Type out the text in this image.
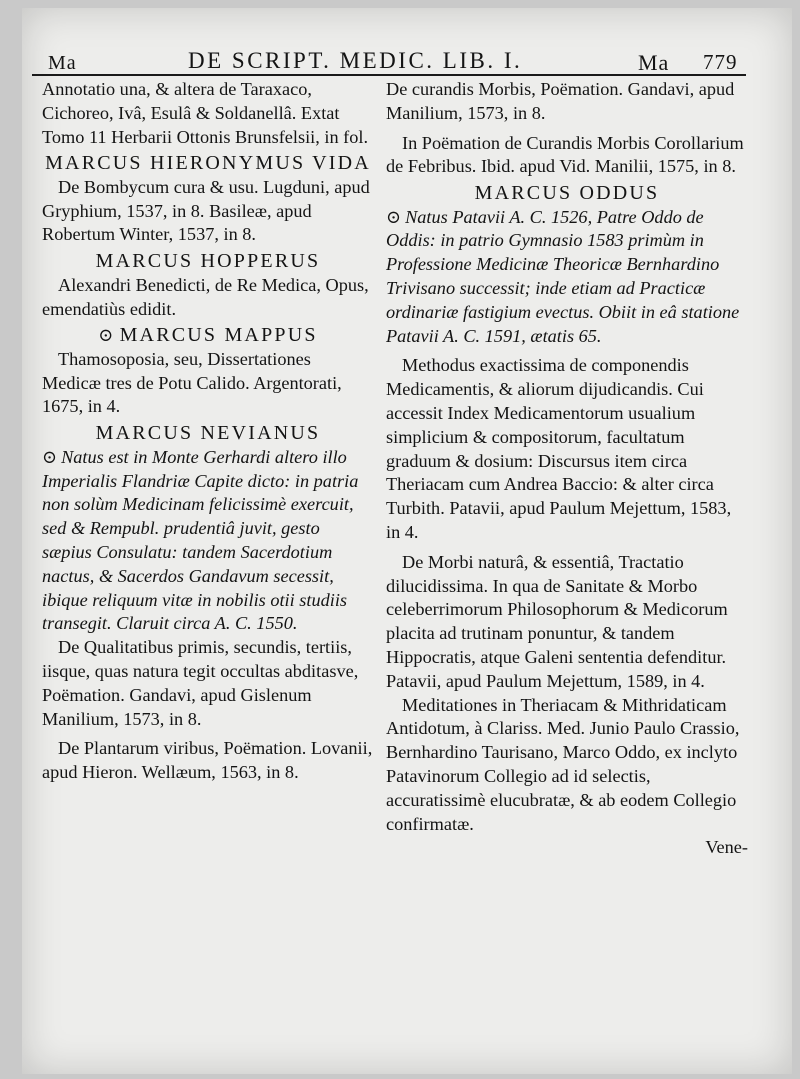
Ma	DE SCRIPT. MEDIC. LIB. I.	Ma 779

Annotatio una, & altera de Taraxaco, Cichoreo, Ivâ, Esulâ & Soldanellâ. Extat Tomo 11 Herbarii Ottonis Brunsfelsii, in fol.

MARCUS HIERONYMUS VIDA

De Bombycum cura & usu. Lugduni, apud Gryphium, 1537, in 8. Basileæ, apud Robertum Winter, 1537, in 8.

MARCUS HOPPERUS

Alexandri Benedicti, de Re Medica, Opus, emendatiùs edidit.

⊙ MARCUS MAPPUS

Thamosoposia, seu, Dissertationes Medicæ tres de Potu Calido. Argentorati, 1675, in 4.

MARCUS NEVIANUS

⊙ Natus est in Monte Gerhardi altero illo Imperialis Flandriæ Capite dicto: in patria non solùm Medicinam felicissimè exercuit, sed & Rempubl. prudentiâ juvit, gesto sæpius Consulatu: tandem Sacerdotium nactus, & Sacerdos Gandavum secessit, ibique reliquum vitæ in nobilis otii studiis transegit. Claruit circa A. C. 1550.

De Qualitatibus primis, secundis, tertiis, iisque, quas natura tegit occultas abditasve, Poëmation. Gandavi, apud Gislenum Manilium, 1573, in 8.

De Plantarum viribus, Poëmation. Lovanii, apud Hieron. Wellæum, 1563, in 8.

De curandis Morbis, Poëmation. Gandavi, apud Manilium, 1573, in 8.

In Poëmation de Curandis Morbis Corollarium de Febribus. Ibid. apud Vid. Manilii, 1575, in 8.

MARCUS ODDUS

⊙ Natus Patavii A. C. 1526, Patre Oddo de Oddis: in patrio Gymnasio 1583 primùm in Professione Medicinæ Theoricæ Bernhardino Trivisano successit; inde etiam ad Practicæ ordinariæ fastigium evectus. Obiit in eâ statione Patavii A. C. 1591, ætatis 65.

Methodus exactissima de componendis Medicamentis, & aliorum dijudicandis. Cui accessit Index Medicamentorum usualium simplicium & compositorum, facultatum graduum & dosium: Discursus item circa Theriacam cum Andrea Baccio: & alter circa Turbith. Patavii, apud Paulum Mejettum, 1583, in 4.

De Morbi naturâ, & essentiâ, Tractatio dilucidissima. In qua de Sanitate & Morbo celeberrimorum Philosophorum & Medicorum placita ad trutinam ponuntur, & tandem Hippocratis, atque Galeni sententia defenditur. Patavii, apud Paulum Mejettum, 1589, in 4.

Meditationes in Theriacam & Mithridaticam Antidotum, à Clariss. Med. Junio Paulo Crassio, Bernhardino Taurisano, Marco Oddo, ex inclyto Patavinorum Collegio ad id selectis, accuratissimè elucubratæ, & ab eodem Collegio confirmatæ.

Vene-
